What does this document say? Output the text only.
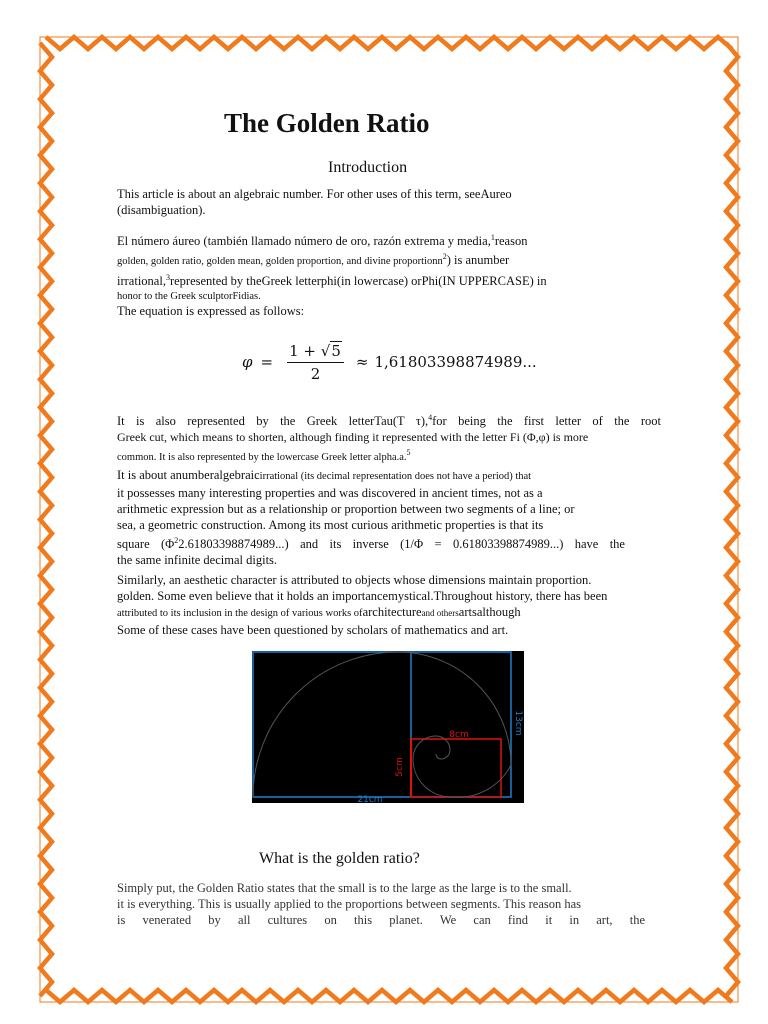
The Golden Ratio
Introduction

This article is about an algebraic number. For other uses of this term, seeAureo
(disambiguation).

El número áureo (también llamado número de oro, razón extrema y media,$^1$reason
golden, golden ratio, golden mean, golden proportion, and divine proportionn$^2$) is anumber
irrational,$^3$represented by theGreek letterphi(in lowercase) orPhi(IN UPPERCASE) in
honor to the Greek sculptorFidias.

The equation is expressed as follows:

$\varphi = \frac{1 + √5}{2} \approx 1,61803398874989$...

It is also represented by the Greek letterTau(Τ τ),$^4$for being the first letter of the root
Greek cut, which means to shorten, although finding it represented with the letter Fi (Φ,φ) is more
common. It is also represented by the lowercase Greek letter alpha.a.$^5$

It is about anumberalgebraicirrational (its decimal representation does not have a period) that
it possesses many interesting properties and was discovered in ancient times, not as a
arithmetic expression but as a relationship or proportion between two segments of a line; or
sea, a geometric construction. Among its most curious arithmetic properties is that its
square $(\Phi^22.61803398874989...)$ and its inverse (1/Φ = 0.61803398874989...) have the
the same infinite decimal digits.

Similarly, an aesthetic character is attributed to objects whose dimensions maintain proportion.
golden. Some even believe that it holds an importancemystical.Throughout history, there has been
attributed to its inclusion in the design of various works ofarchitectureand othersartsalthough
Some of these cases have been questioned by scholars of mathematics and art.

21cm
13cm
8cm
5cm
What is the golden ratio?

Simply put, the Golden Ratio states that the small is to the large as the large is to the small.
it is everything. This is usually applied to the proportions between segments. This reason has
is venerated by all cultures on this planet. We can find it in art, the
